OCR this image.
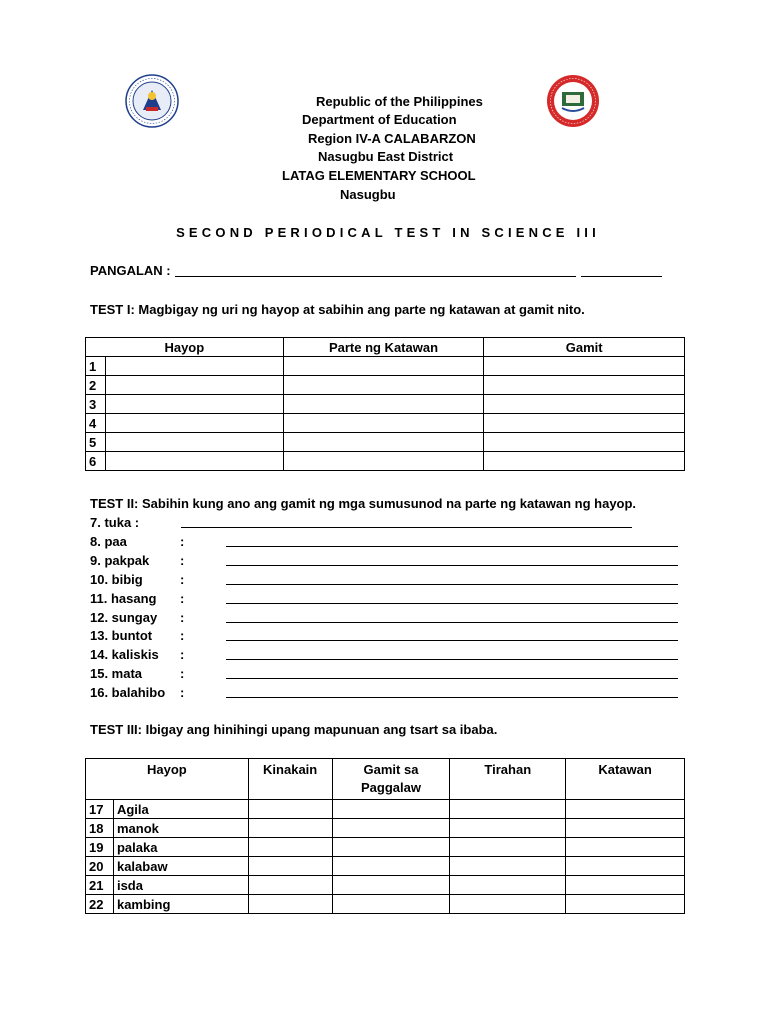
Republic of the Philippines
Department of Education
Region IV-A CALABARZON
Nasugbu East District
LATAG ELEMENTARY SCHOOL
Nasugbu
SECOND PERIODICAL TEST IN SCIENCE III
PANGALAN :
TEST I: Magbigay ng uri ng hayop at sabihin ang parte ng katawan at gamit nito.
Hayop		Parte ng Katawan	Gamit
1			
2			
3			
4			
5			
6			
TEST II: Sabihin kung ano ang gamit ng mga sumusunod na parte ng katawan ng hayop.
7. tuka :
8. paa	:
9. pakpak :
10. bibig	:
11. hasang :
12. sungay :
13. buntot :
14. kaliskis :
15. mata	:
16. balahibo :
TEST III: Ibigay ang hinihingi upang mapunuan ang tsart sa ibaba.
Hayop		Kinakain	Gamit sa Paggalaw	Tirahan	Katawan
17	Agila				
18	manok				
19	palaka				
20	kalabaw				
21	isda				
22	kambing				
